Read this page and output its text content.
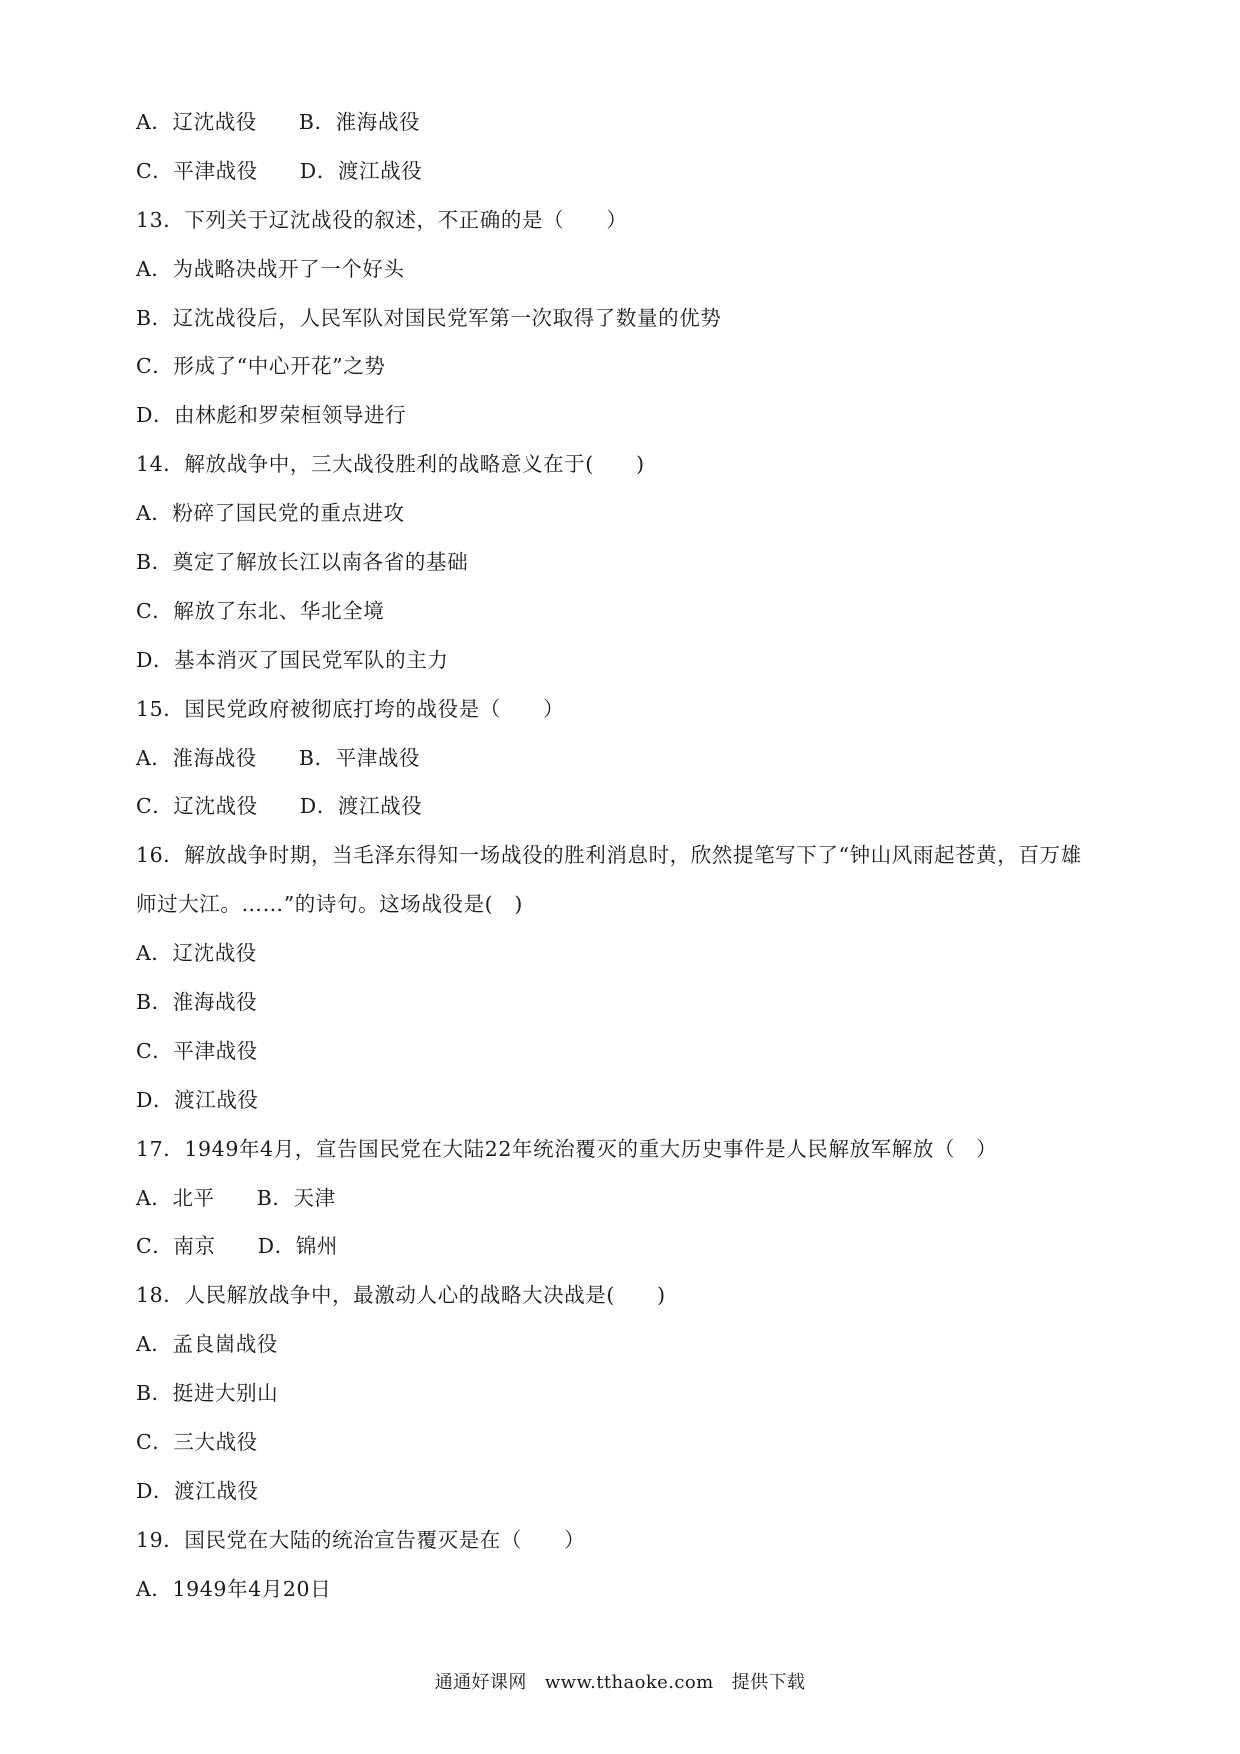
A．辽沈战役 B．淮海战役
C．平津战役 D．渡江战役
13．下列关于辽沈战役的叙述，不正确的是（　　）
A．为战略决战开了一个好头
B．辽沈战役后，人民军队对国民党军第一次取得了数量的优势
C．形成了“中心开花”之势
D．由林彪和罗荣桓领导进行
14．解放战争中，三大战役胜利的战略意义在于(　　)
A．粉碎了国民党的重点进攻
B．奠定了解放长江以南各省的基础
C．解放了东北、华北全境
D．基本消灭了国民党军队的主力
15．国民党政府被彻底打垮的战役是（　　）
A．淮海战役 B．平津战役
C．辽沈战役 D．渡江战役
16．解放战争时期，当毛泽东得知一场战役的胜利消息时，欣然提笔写下了“钟山风雨起苍黄，百万雄
师过大江。……”的诗句。这场战役是(　)
A．辽沈战役
B．淮海战役
C．平津战役
D．渡江战役
17．1949年4月，宣告国民党在大陆22年统治覆灭的重大历史事件是人民解放军解放（　）
A．北平 B．天津
C．南京 D．锦州
18．人民解放战争中，最激动人心的战略大决战是(　　)
A．孟良崮战役
B．挺进大别山
C．三大战役
D．渡江战役
19．国民党在大陆的统治宣告覆灭是在（　　）
A．1949年4月20日
通通好课网 www.tthaoke.com 提供下载
